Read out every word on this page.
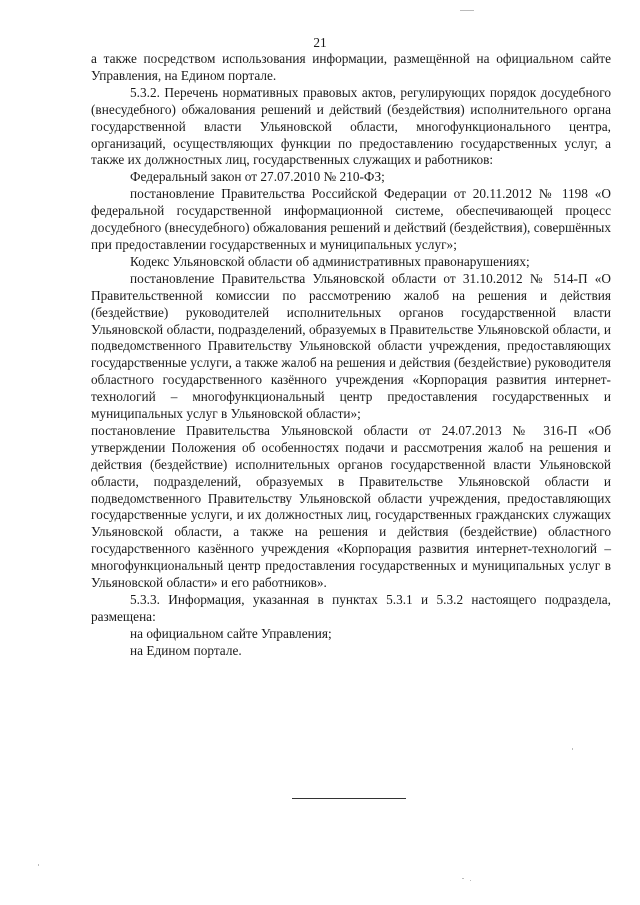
21

а также посредством использования информации, размещённой на официальном сайте Управления, на Едином портале.

5.3.2. Перечень нормативных правовых актов, регулирующих порядок досудебного (внесудебного) обжалования решений и действий (бездействия) исполнительного органа государственной власти Ульяновской области, многофункционального центра, организаций, осуществляющих функции по предоставлению государственных услуг, а также их должностных лиц, государственных служащих и работников:

Федеральный закон от 27.07.2010 № 210-ФЗ;

постановление Правительства Российской Федерации от 20.11.2012 № 1198 «О федеральной государственной информационной системе, обеспечивающей процесс досудебного (внесудебного) обжалования решений и действий (бездействия), совершённых при предоставлении государственных и муниципальных услуг»;

Кодекс Ульяновской области об административных правонарушениях;

постановление Правительства Ульяновской области от 31.10.2012 № 514-П «О Правительственной комиссии по рассмотрению жалоб на решения и действия (бездействие) руководителей исполнительных органов государственной власти Ульяновской области, подразделений, образуемых в Правительстве Ульяновской области, и подведомственного Правительству Ульяновской области учреждения, предоставляющих государственные услуги, а также жалоб на решения и действия (бездействие) руководителя областного государственного казённого учреждения «Корпорация развития интернет-технологий – многофункциональный центр предоставления государственных и муниципальных услуг в Ульяновской области»;

постановление Правительства Ульяновской области от 24.07.2013 № 316-П «Об утверждении Положения об особенностях подачи и рассмотрения жалоб на решения и действия (бездействие) исполнительных органов государственной власти Ульяновской области, подразделений, образуемых в Правительстве Ульяновской области и подведомственного Правительству Ульяновской области учреждения, предоставляющих государственные услуги, и их должностных лиц, государственных гражданских служащих Ульяновской области, а также на решения и действия (бездействие) областного государственного казённого учреждения «Корпорация развития интернет-технологий – многофункциональный центр предоставления государственных и муниципальных услуг в Ульяновской области» и его работников».

5.3.3. Информация, указанная в пунктах 5.3.1 и 5.3.2 настоящего подраздела, размещена:

на официальном сайте Управления;

на Едином портале.
